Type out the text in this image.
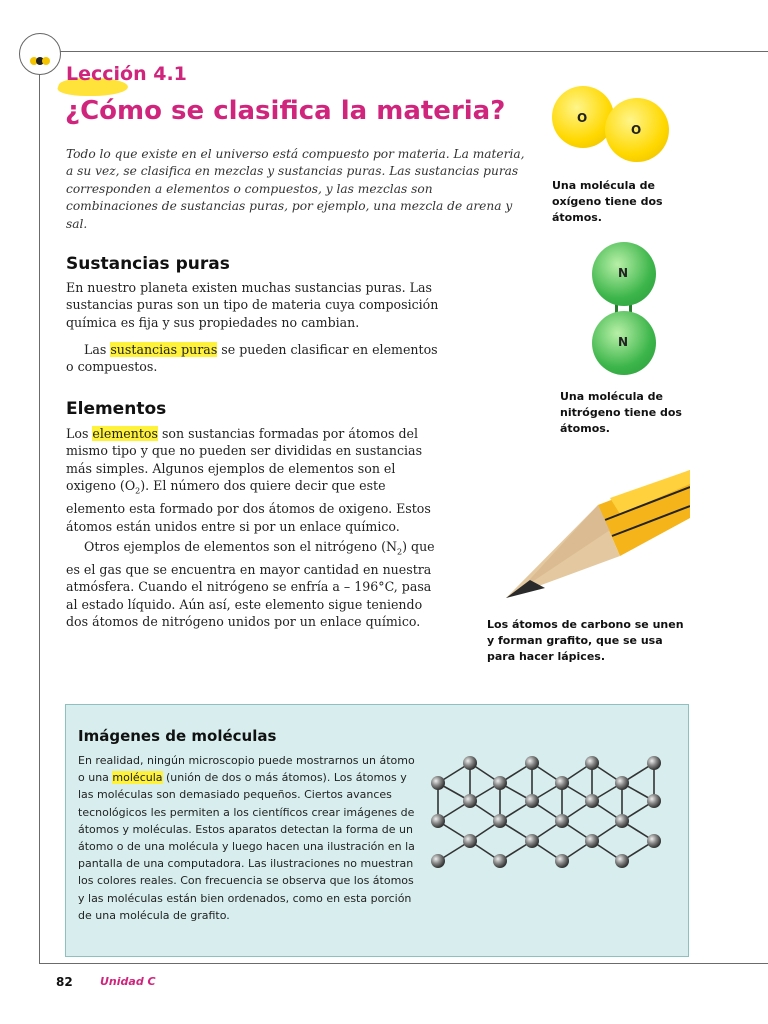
Lección 4.1
¿Cómo se clasifica la materia?
Todo lo que existe en el universo está compuesto por materia. La materia, a su vez, se clasifica en mezclas y sustancias puras. Las sustancias puras corresponden a elementos o compuestos, y las mezclas son combinaciones de sustancias puras, por ejemplo, una mezcla de arena y sal.
Sustancias puras
En nuestro planeta existen muchas sustancias puras. Las sustancias puras son un tipo de materia cuya composición química es fija y sus propiedades no cambian.
Las sustancias puras se pueden clasificar en elementos o compuestos.
Elementos
Los elementos son sustancias formadas por átomos del mismo tipo y que no pueden ser divididas en sustancias más simples. Algunos ejemplos de elementos son el oxigeno $(O_2)$. El número dos quiere decir que este elemento esta formado por dos átomos de oxigeno. Estos átomos están unidos entre si por un enlace químico.
Otros ejemplos de elementos son el nitrógeno $(N_2)$ que es el gas que se encuentra en mayor cantidad en nuestra atmósfera. Cuando el nitrógeno se enfría a – 196°C, pasa al estado líquido. Aún así, este elemento sigue teniendo dos átomos de nitrógeno unidos por un enlace químico.
O
O
Una molécula de oxígeno tiene dos átomos.
N
N
Una molécula de nitrógeno tiene dos átomos.
Los átomos de carbono se unen y forman grafito, que se usa para hacer lápices.
Imágenes de moléculas
En realidad, ningún microscopio puede mostrarnos un átomo o una molécula (unión de dos o más átomos). Los átomos y las moléculas son demasiado pequeños. Ciertos avances tecnológicos les permiten a los científicos crear imágenes de átomos y moléculas. Estos aparatos detectan la forma de un átomo o de una molécula y luego hacen una ilustración en la pantalla de una computadora. Las ilustraciones no muestran los colores reales. Con frecuencia se observa que los átomos y las moléculas están bien ordenados, como en esta porción de una molécula de grafito.
82 Unidad C
